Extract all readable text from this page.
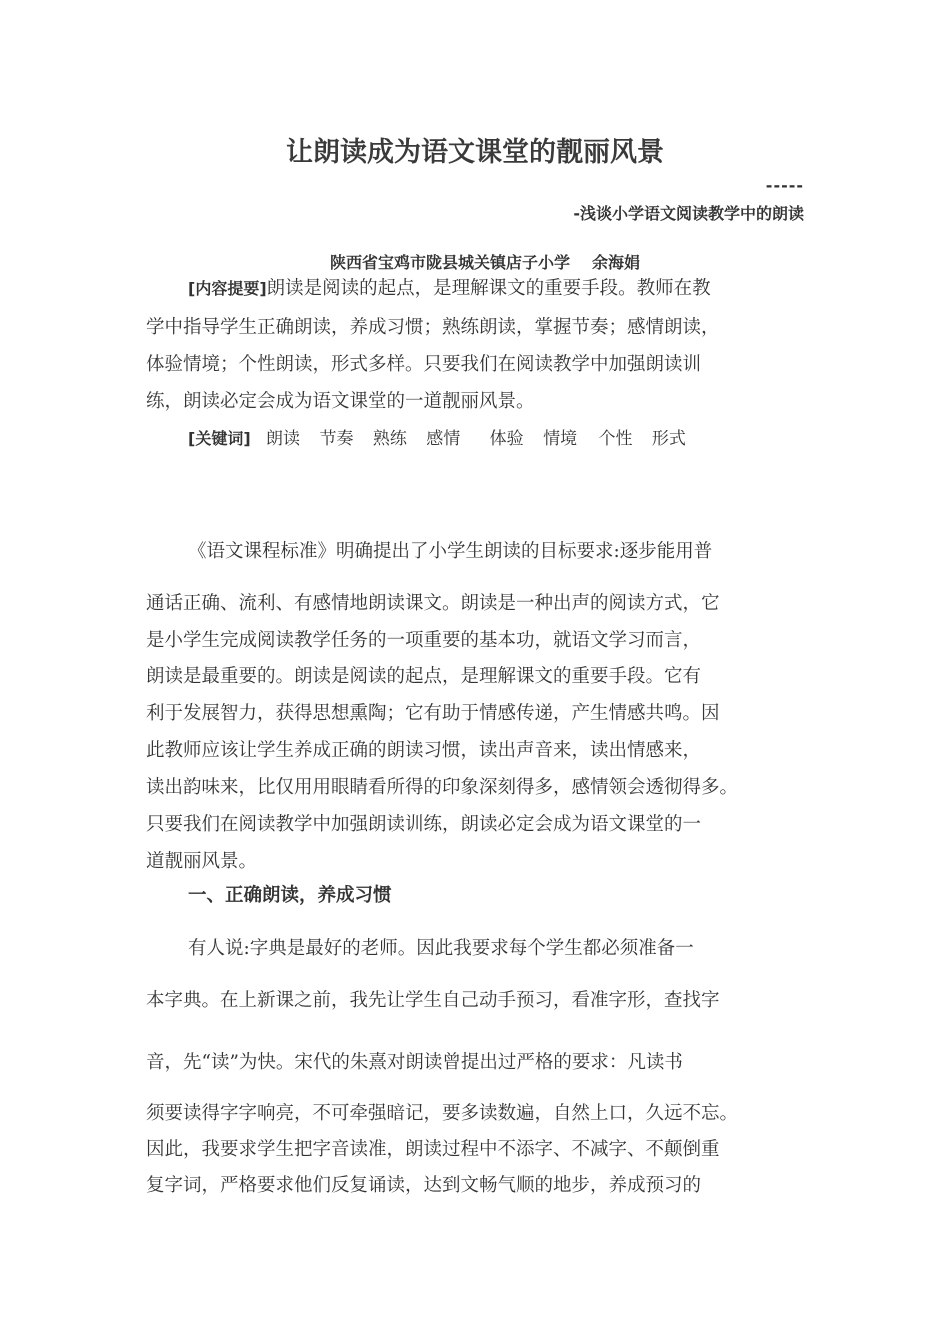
让朗读成为语文课堂的靓丽风景
-----
-浅谈小学语文阅读教学中的朗读
陕西省宝鸡市陇县城关镇店子小学 余海娟
[内容提要]朗读是阅读的起点，是理解课文的重要手段。教师在教
学中指导学生正确朗读，养成习惯；熟练朗读，掌握节奏；感情朗读，
体验情境；个性朗读，形式多样。只要我们在阅读教学中加强朗读训
练，朗读必定会成为语文课堂的一道靓丽风景。
[关键词] 朗读 节奏 熟练 感情 体验 情境 个性 形式
《语文课程标准》明确提出了小学生朗读的目标要求:逐步能用普
通话正确、流利、有感情地朗读课文。朗读是一种出声的阅读方式，它
是小学生完成阅读教学任务的一项重要的基本功，就语文学习而言，
朗读是最重要的。朗读是阅读的起点，是理解课文的重要手段。它有
利于发展智力，获得思想熏陶；它有助于情感传递，产生情感共鸣。因
此教师应该让学生养成正确的朗读习惯，读出声音来，读出情感来，
读出韵味来，比仅用用眼睛看所得的印象深刻得多，感情领会透彻得多。
只要我们在阅读教学中加强朗读训练，朗读必定会成为语文课堂的一
道靓丽风景。
一、正确朗读，养成习惯
有人说:字典是最好的老师。因此我要求每个学生都必须准备一
本字典。在上新课之前，我先让学生自己动手预习，看准字形，查找字
音，先“读”为快。宋代的朱熹对朗读曾提出过严格的要求：凡读书
须要读得字字响亮，不可牵强暗记，要多读数遍，自然上口，久远不忘。
因此，我要求学生把字音读准，朗读过程中不添字、不减字、不颠倒重
复字词，严格要求他们反复诵读，达到文畅气顺的地步，养成预习的
